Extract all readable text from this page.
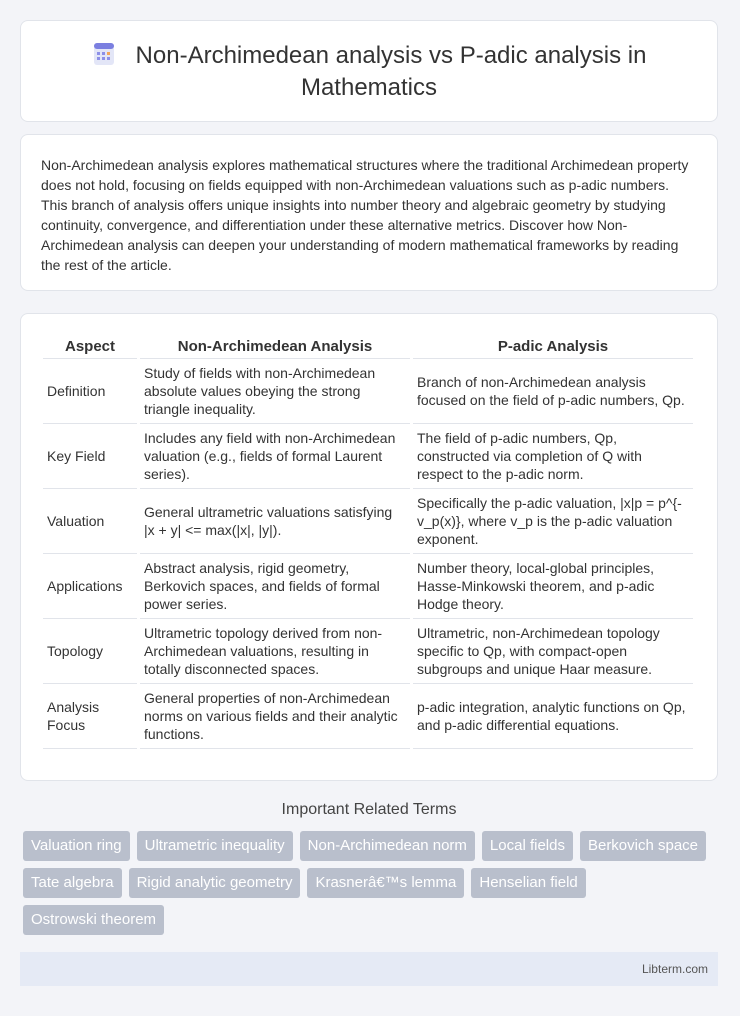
Non-Archimedean analysis vs P-adic analysis in Mathematics

Non-Archimedean analysis explores mathematical structures where the traditional Archimedean property does not hold, focusing on fields equipped with non-Archimedean valuations such as p-adic numbers. This branch of analysis offers unique insights into number theory and algebraic geometry by studying continuity, convergence, and differentiation under these alternative metrics. Discover how Non-Archimedean analysis can deepen your understanding of modern mathematical frameworks by reading the rest of the article.

Aspect	Non-Archimedean Analysis	P-adic Analysis
Definition	Study of fields with non-Archimedean absolute values obeying the strong triangle inequality.	Branch of non-Archimedean analysis focused on the field of p-adic numbers, Qp.
Key Field	Includes any field with non-Archimedean valuation (e.g., fields of formal Laurent series).	The field of p-adic numbers, Qp, constructed via completion of Q with respect to the p-adic norm.
Valuation	General ultrametric valuations satisfying |x + y| <= max(|x|, |y|).	Specifically the p-adic valuation, |x|p = p^{-v_p(x)}, where v_p is the p-adic valuation exponent.
Applications	Abstract analysis, rigid geometry, Berkovich spaces, and fields of formal power series.	Number theory, local-global principles, Hasse-Minkowski theorem, and p-adic Hodge theory.
Topology	Ultrametric topology derived from non-Archimedean valuations, resulting in totally disconnected spaces.	Ultrametric, non-Archimedean topology specific to Qp, with compact-open subgroups and unique Haar measure.
Analysis Focus	General properties of non-Archimedean norms on various fields and their analytic functions.	p-adic integration, analytic functions on Qp, and p-adic differential equations.
Important Related Terms
Valuation ring	Ultrametric inequality	Non-Archimedean norm	Local fields	Berkovich space
Tate algebra	Rigid analytic geometry	Krasnerâ€™s lemma	Henselian field
Ostrowski theorem
Libterm.com
